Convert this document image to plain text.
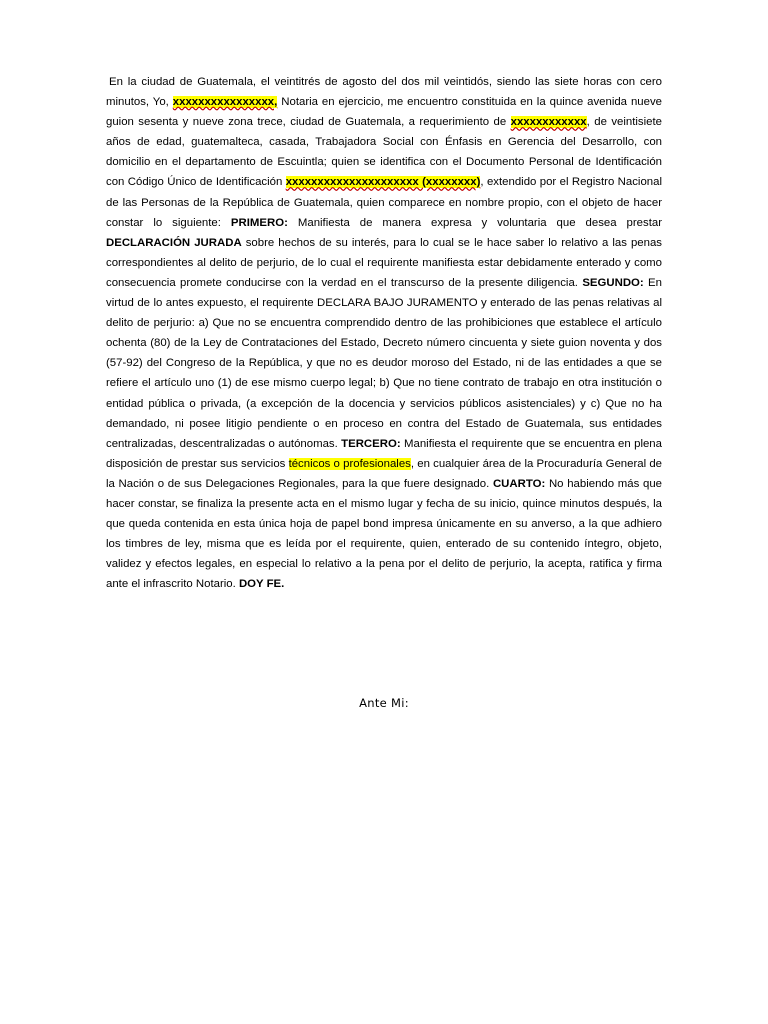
En la ciudad de Guatemala, el veintitrés de agosto del dos mil veintidós, siendo las siete horas con cero minutos, Yo, xxxxxxxxxxxxxxxx, Notaria en ejercicio, me encuentro constituida en la quince avenida nueve guion sesenta y nueve zona trece, ciudad de Guatemala, a requerimiento de xxxxxxxxxxxx, de veintisiete años de edad, guatemalteca, casada, Trabajadora Social con Énfasis en Gerencia del Desarrollo, con domicilio en el departamento de Escuintla; quien se identifica con el Documento Personal de Identificación con Código Único de Identificación xxxxxxxxxxxxxxxxxxxxx (xxxxxxxx), extendido por el Registro Nacional de las Personas de la República de Guatemala, quien comparece en nombre propio, con el objeto de hacer constar lo siguiente: PRIMERO: Manifiesta de manera expresa y voluntaria que desea prestar DECLARACIÓN JURADA sobre hechos de su interés, para lo cual se le hace saber lo relativo a las penas correspondientes al delito de perjurio, de lo cual el requirente manifiesta estar debidamente enterado y como consecuencia promete conducirse con la verdad en el transcurso de la presente diligencia. SEGUNDO: En virtud de lo antes expuesto, el requirente DECLARA BAJO JURAMENTO y enterado de las penas relativas al delito de perjurio: a) Que no se encuentra comprendido dentro de las prohibiciones que establece el artículo ochenta (80) de la Ley de Contrataciones del Estado, Decreto número cincuenta y siete guion noventa y dos (57-92) del Congreso de la República, y que no es deudor moroso del Estado, ni de las entidades a que se refiere el artículo uno (1) de ese mismo cuerpo legal; b) Que no tiene contrato de trabajo en otra institución o entidad pública o privada, (a excepción de la docencia y servicios públicos asistenciales) y c) Que no ha demandado, ni posee litigio pendiente o en proceso en contra del Estado de Guatemala, sus entidades centralizadas, descentralizadas o autónomas. TERCERO: Manifiesta el requirente que se encuentra en plena disposición de prestar sus servicios técnicos o profesionales, en cualquier área de la Procuraduría General de la Nación o de sus Delegaciones Regionales, para la que fuere designado. CUARTO: No habiendo más que hacer constar, se finaliza la presente acta en el mismo lugar y fecha de su inicio, quince minutos después, la que queda contenida en esta única hoja de papel bond impresa únicamente en su anverso, a la que adhiero los timbres de ley, misma que es leída por el requirente, quien, enterado de su contenido íntegro, objeto, validez y efectos legales, en especial lo relativo a la pena por el delito de perjurio, la acepta, ratifica y firma ante el infrascrito Notario. DOY FE.

Ante Mi:
